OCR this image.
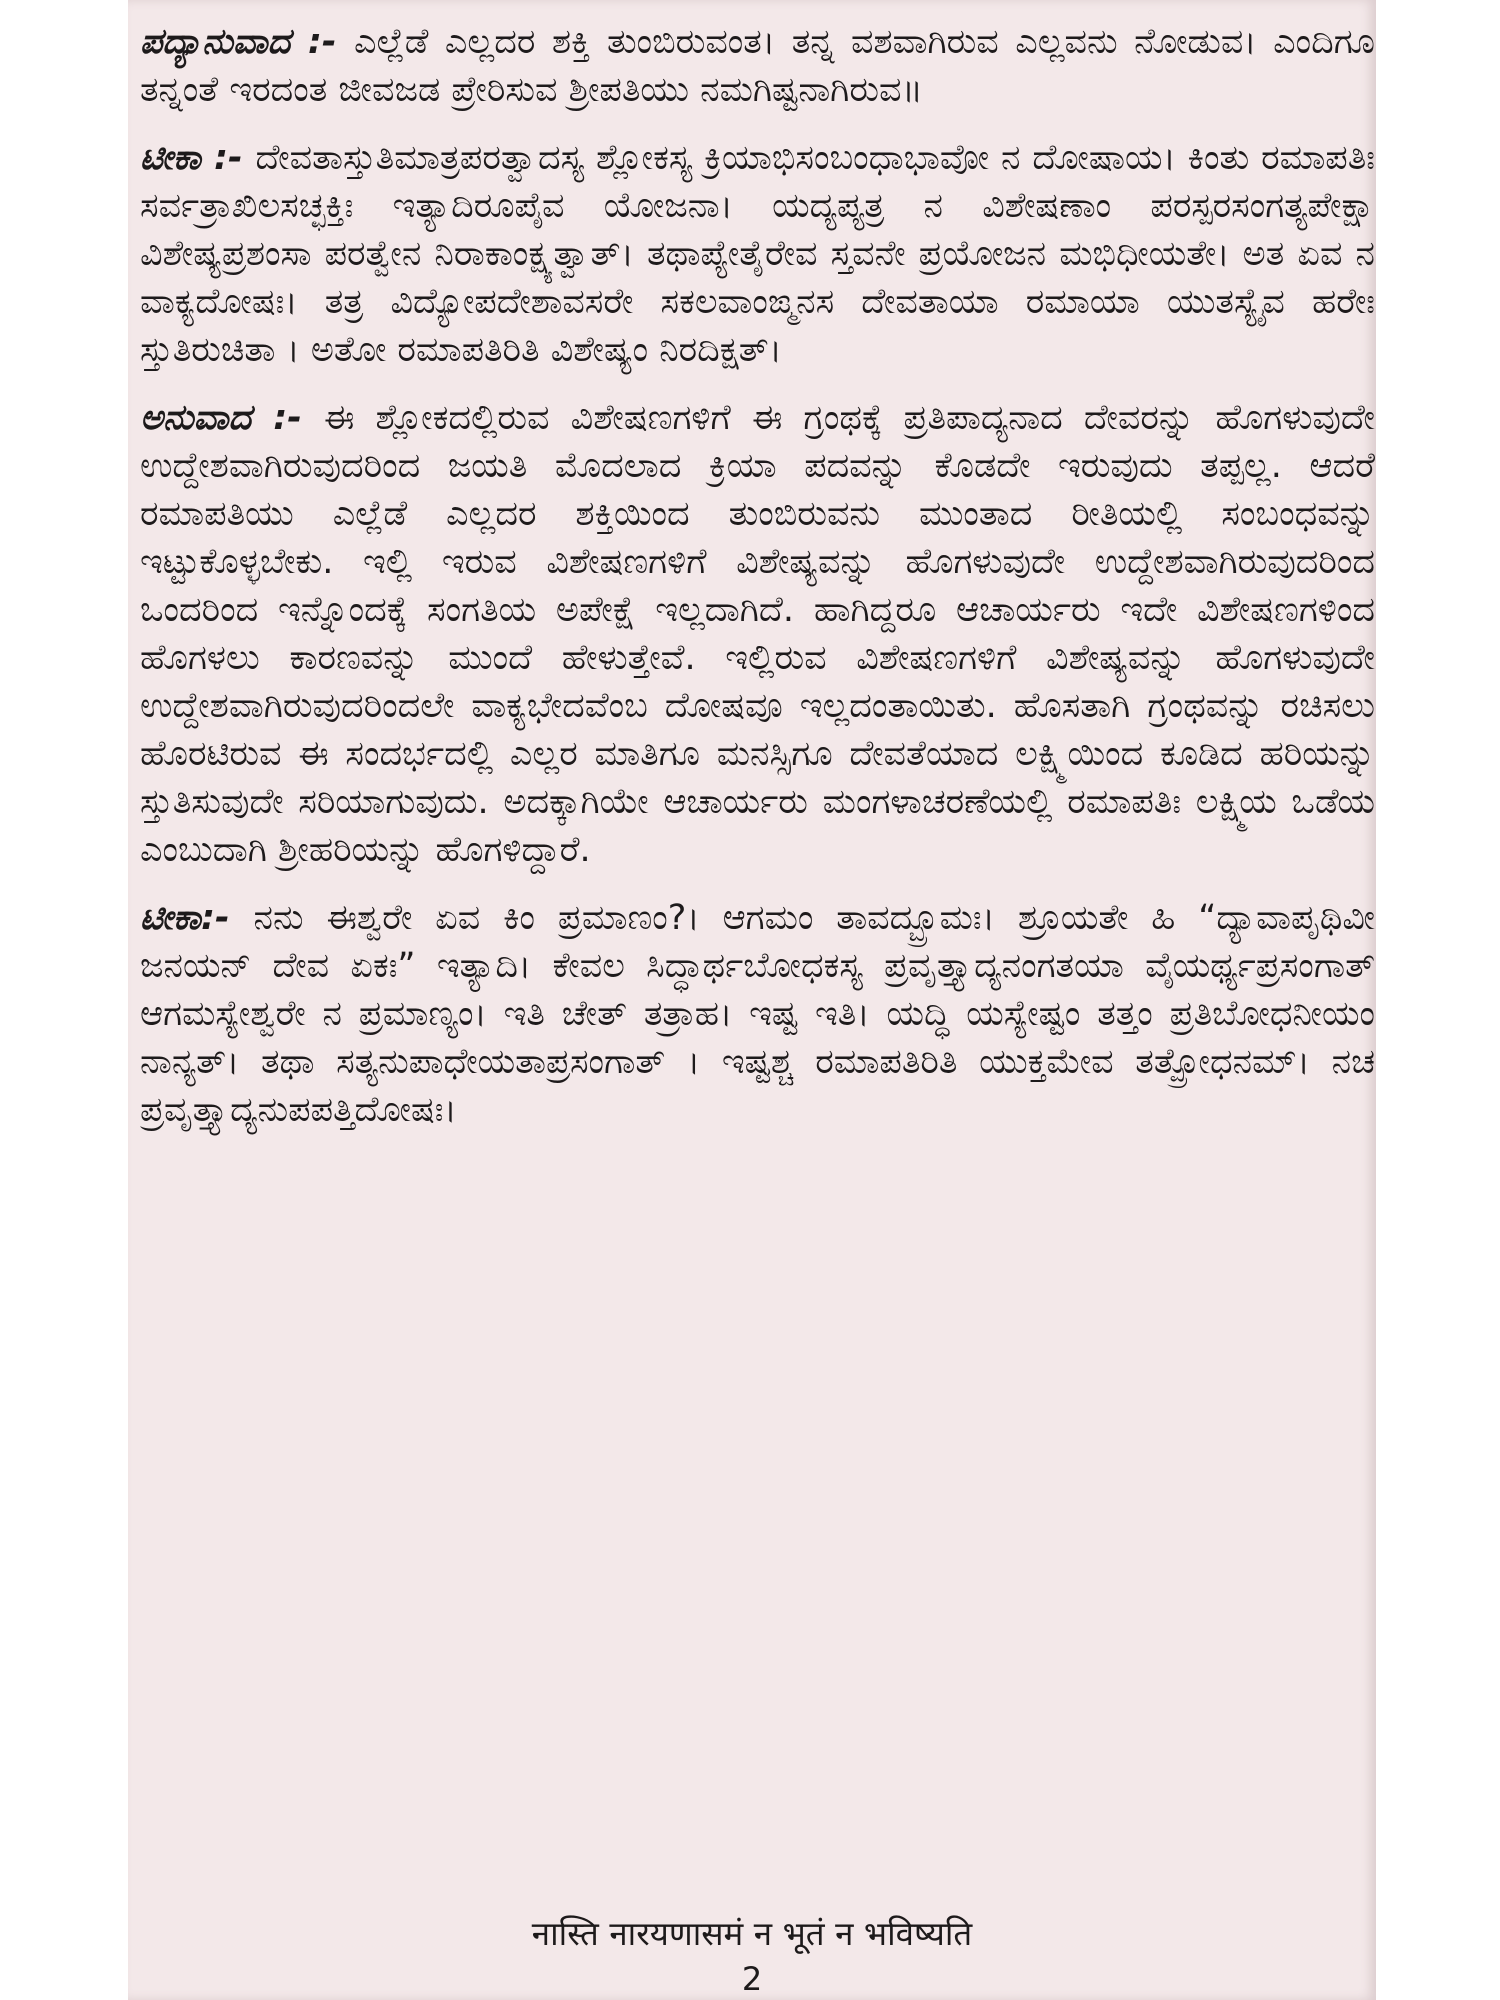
ಪದ್ಯಾನುವಾದ :- ಎಲ್ಲೆಡೆ ಎಲ್ಲದರ ಶಕ್ತಿ ತುಂಬಿರುವಂತ। ತನ್ನ ವಶವಾಗಿರುವ ಎಲ್ಲವನು ನೋಡುವ। ಎಂದಿಗೂ ತನ್ನಂತೆ ಇರದಂತ ಜೀವಜಡ ಪ್ರೇರಿಸುವ ಶ್ರೀಪತಿಯು ನಮಗಿಷ್ಟನಾಗಿರುವ॥
ಟೀಕಾ :- ದೇವತಾಸ್ತುತಿಮಾತ್ರಪರತ್ವಾದಸ್ಯ ಶ್ಲೋಕಸ್ಯ ಕ್ರಿಯಾಭಿಸಂಬಂಧಾಭಾವೋ ನ ದೋಷಾಯ। ಕಿಂತು ರಮಾಪತಿಃ ಸರ್ವತ್ರಾಖಿಲಸಚ್ಛಕ್ತಿಃ ಇತ್ಯಾದಿರೂಪೈವ ಯೋಜನಾ। ಯದ್ಯಪ್ಯತ್ರ ನ ವಿಶೇಷಣಾಂ ಪರಸ್ಪರಸಂಗತ್ಯಪೇಕ್ಷಾ ವಿಶೇಷ್ಯಪ್ರಶಂಸಾ ಪರತ್ವೇನ ನಿರಾಕಾಂಕ್ಷ್ಯತ್ವಾತ್। ತಥಾಪ್ಯೇತೈರೇವ ಸ್ತವನೇ ಪ್ರಯೋಜನ ಮಭಿಧೀಯತೇ। ಅತ ಏವ ನ ವಾಕ್ಯದೋಷಃ। ತತ್ರ ವಿದ್ಯೋಪದೇಶಾವಸರೇ ಸಕಲವಾಂಙ್ಮನಸ ದೇವತಾಯಾ ರಮಾಯಾ ಯುತಸ್ಯೈವ ಹರೇಃ ಸ್ತುತಿರುಚಿತಾ । ಅತೋ ರಮಾಪತಿರಿತಿ ವಿಶೇಷ್ಯಂ ನಿರದಿಕ್ಷತ್।
ಅನುವಾದ :- ಈ ಶ್ಲೋಕದಲ್ಲಿರುವ ವಿಶೇಷಣಗಳಿಗೆ ಈ ಗ್ರಂಥಕ್ಕೆ ಪ್ರತಿಪಾದ್ಯನಾದ ದೇವರನ್ನು ಹೊಗಳುವುದೇ ಉದ್ದೇಶವಾಗಿರುವುದರಿಂದ ಜಯತಿ ಮೊದಲಾದ ಕ್ರಿಯಾ ಪದವನ್ನು ಕೊಡದೇ ಇರುವುದು ತಪ್ಪಲ್ಲ. ಆದರೆ ರಮಾಪತಿಯು ಎಲ್ಲೆಡೆ ಎಲ್ಲದರ ಶಕ್ತಿಯಿಂದ ತುಂಬಿರುವನು ಮುಂತಾದ ರೀತಿಯಲ್ಲಿ ಸಂಬಂಧವನ್ನು ಇಟ್ಟುಕೊಳ್ಳಬೇಕು. ಇಲ್ಲಿ ಇರುವ ವಿಶೇಷಣಗಳಿಗೆ ವಿಶೇಷ್ಯವನ್ನು ಹೊಗಳುವುದೇ ಉದ್ದೇಶವಾಗಿರುವುದರಿಂದ ಒಂದರಿಂದ ಇನ್ನೊಂದಕ್ಕೆ ಸಂಗತಿಯ ಅಪೇಕ್ಷೆ ಇಲ್ಲದಾಗಿದೆ. ಹಾಗಿದ್ದರೂ ಆಚಾರ್ಯರು ಇದೇ ವಿಶೇಷಣಗಳಿಂದ ಹೊಗಳಲು ಕಾರಣವನ್ನು ಮುಂದೆ ಹೇಳುತ್ತೇವೆ. ಇಲ್ಲಿರುವ ವಿಶೇಷಣಗಳಿಗೆ ವಿಶೇಷ್ಯವನ್ನು ಹೊಗಳುವುದೇ ಉದ್ದೇಶವಾಗಿರುವುದರಿಂದಲೇ ವಾಕ್ಯಭೇದವೆಂಬ ದೋಷವೂ ಇಲ್ಲದಂತಾಯಿತು. ಹೊಸತಾಗಿ ಗ್ರಂಥವನ್ನು ರಚಿಸಲು ಹೊರಟಿರುವ ಈ ಸಂದರ್ಭದಲ್ಲಿ ಎಲ್ಲರ ಮಾತಿಗೂ ಮನಸ್ಸಿಗೂ ದೇವತೆಯಾದ ಲಕ್ಷ್ಮಿಯಿಂದ ಕೂಡಿದ ಹರಿಯನ್ನು ಸ್ತುತಿಸುವುದೇ ಸರಿಯಾಗುವುದು. ಅದಕ್ಕಾಗಿಯೇ ಆಚಾರ್ಯರು ಮಂಗಳಾಚರಣೆಯಲ್ಲಿ ರಮಾಪತಿಃ ಲಕ್ಷ್ಮಿಯ ಒಡೆಯ ಎಂಬುದಾಗಿ ಶ್ರೀಹರಿಯನ್ನು ಹೊಗಳಿದ್ದಾರೆ.
ಟೀಕಾ:- ನನು ಈಶ್ವರೇ ಏವ ಕಿಂ ಪ್ರಮಾಣಂ?। ಆಗಮಂ ತಾವದ್ಬ್ರೂಮಃ। ಶ್ರೂಯತೇ ಹಿ “ದ್ಯಾವಾಪೃಥಿವೀ ಜನಯನ್ ದೇವ ಏಕಃ” ಇತ್ಯಾದಿ। ಕೇವಲ ಸಿದ್ಧಾರ್ಥಬೋಧಕಸ್ಯ ಪ್ರವೃತ್ತ್ಯಾದ್ಯನಂಗತಯಾ ವೈಯರ್ಥ್ಯಪ್ರಸಂಗಾತ್ ಆಗಮಸ್ಯೇಶ್ವರೇ ನ ಪ್ರಮಾಣ್ಯಂ। ಇತಿ ಚೇತ್ ತತ್ರಾಹ। ಇಷ್ಟ ಇತಿ। ಯದ್ಧಿ ಯಸ್ಯೇಷ್ಟಂ ತತ್ತಂ ಪ್ರತಿಬೋಧನೀಯಂ ನಾನ್ಯತ್। ತಥಾ ಸತ್ಯನುಪಾಧೇಯತಾಪ್ರಸಂಗಾತ್ । ಇಷ್ಟಶ್ಚ ರಮಾಪತಿರಿತಿ ಯುಕ್ತಮೇವ ತತ್ಪ್ರೋಧನಮ್। ನಚ ಪ್ರವೃತ್ತ್ಯಾದ್ಯನುಪಪತ್ತಿದೋಷಃ।
नास्ति नारयणासमं न भूतं न भविष्यति
2
